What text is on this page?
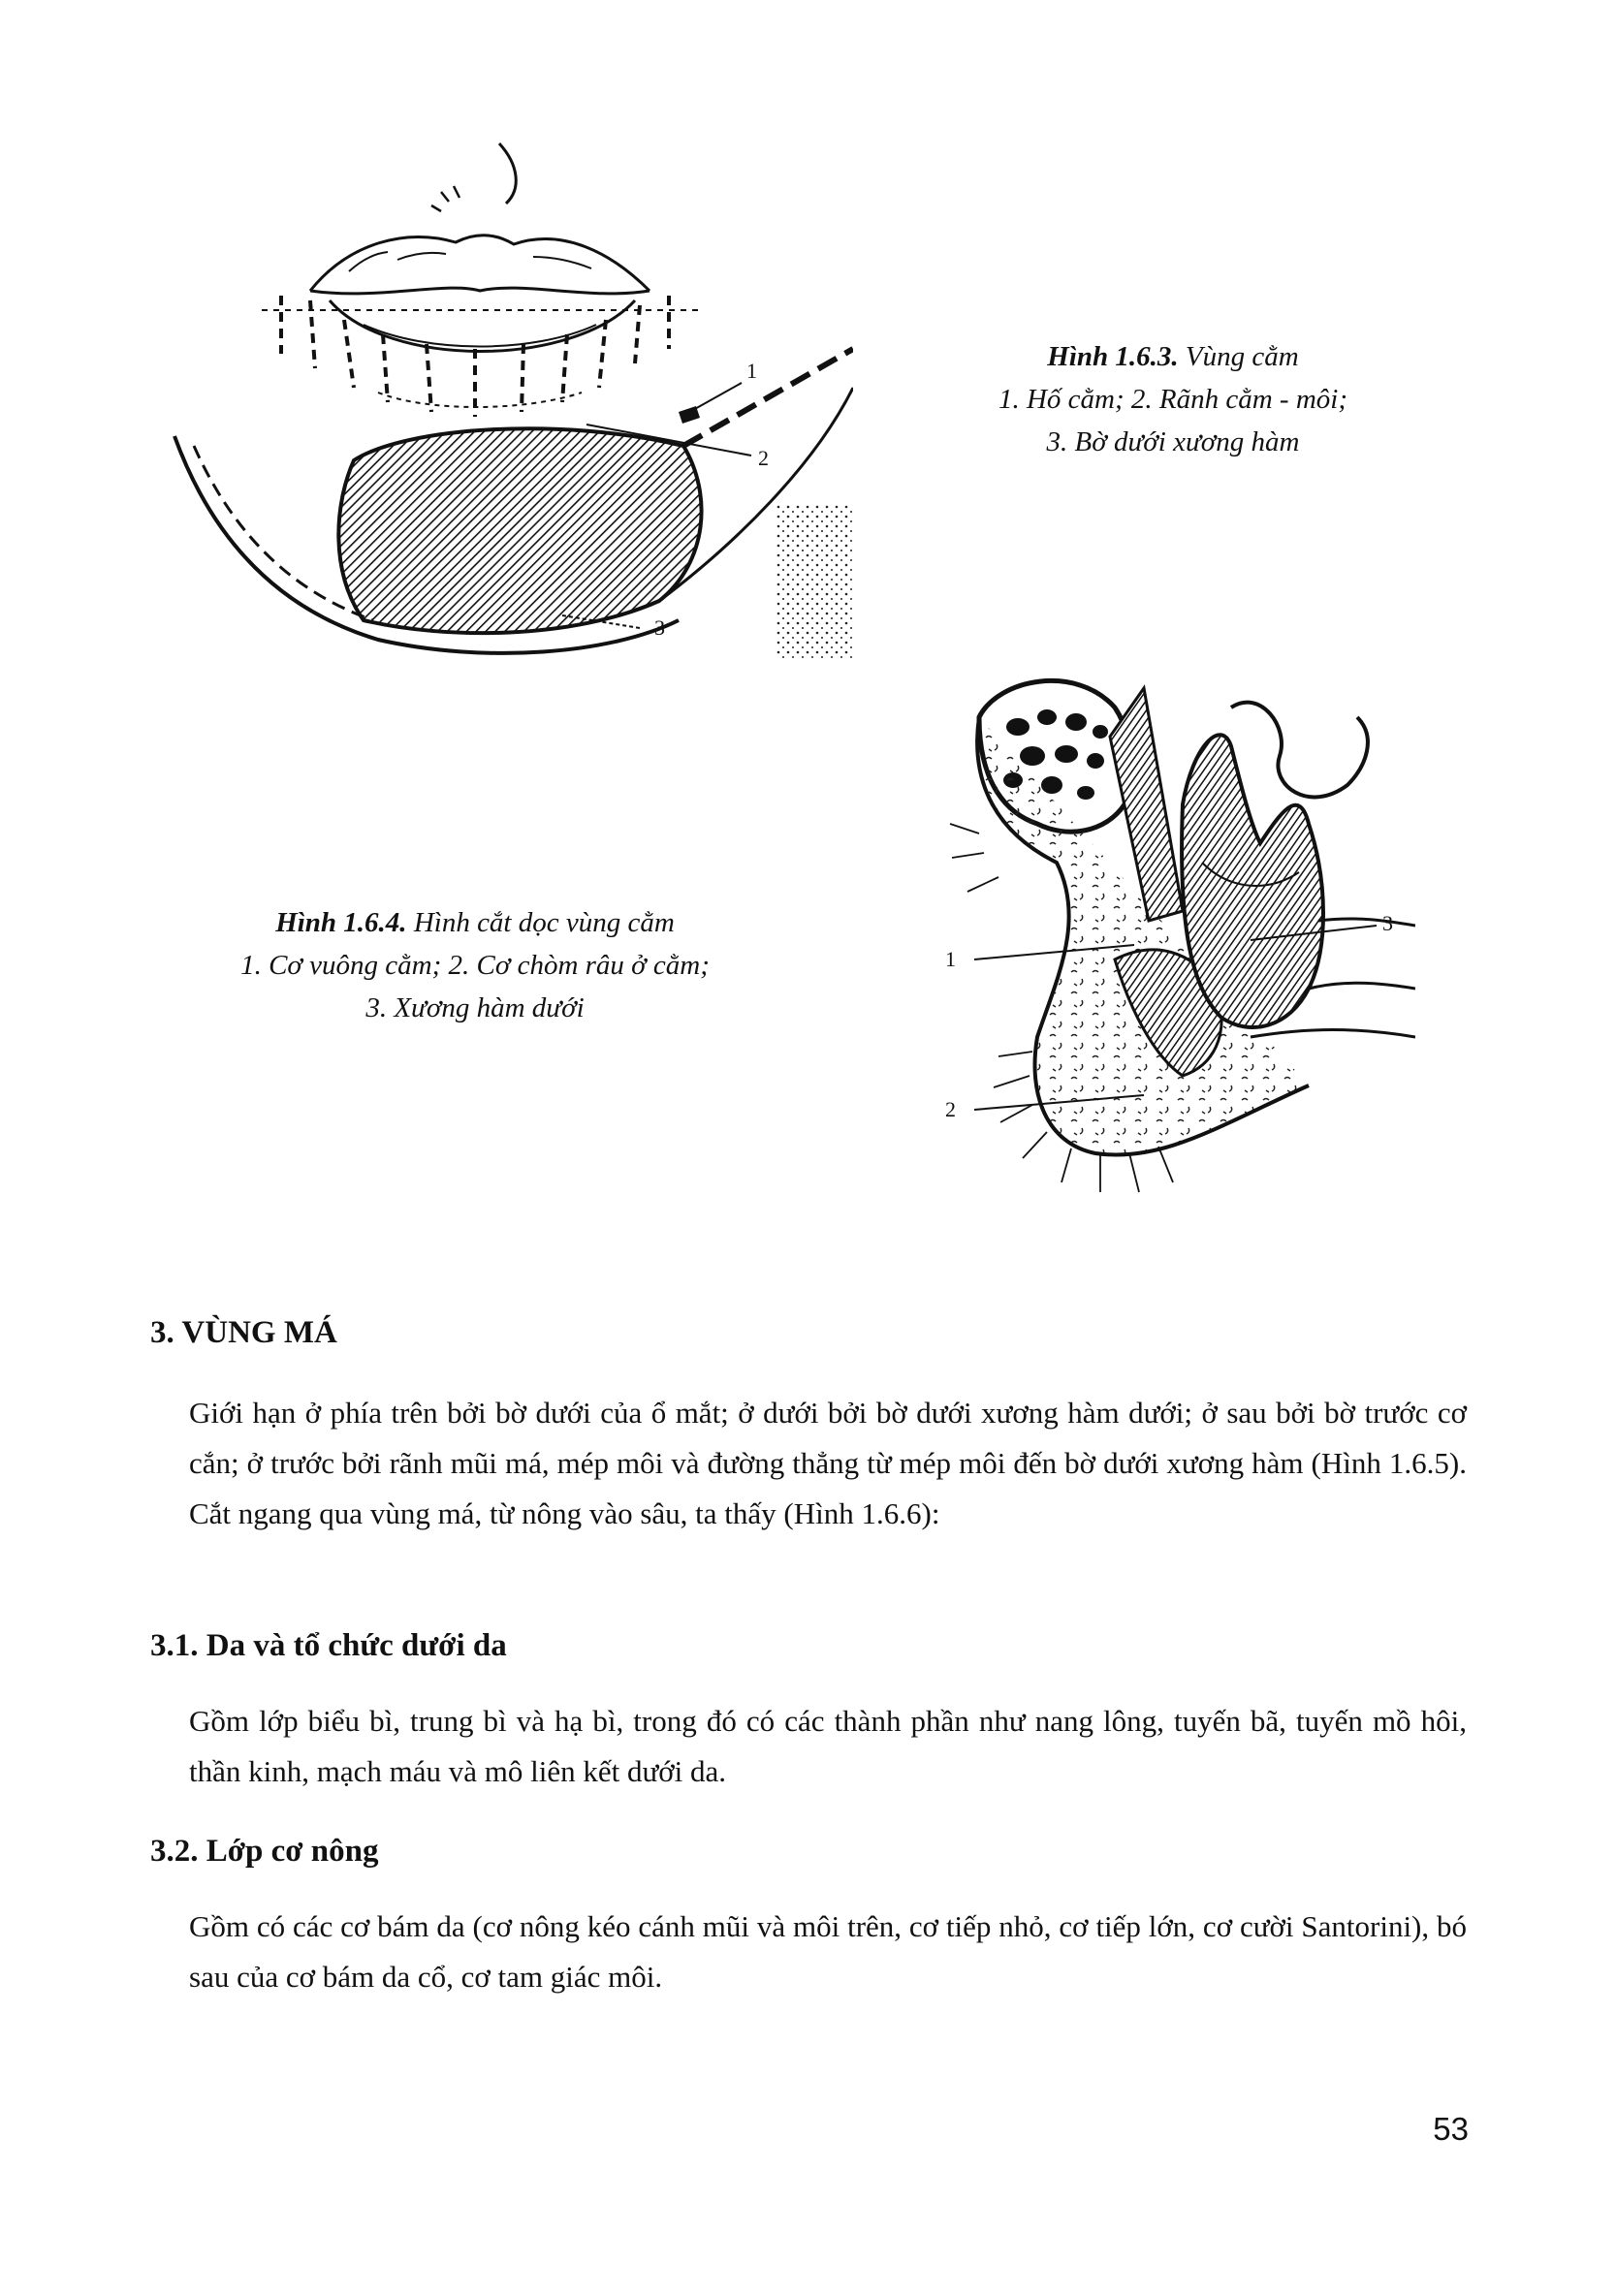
1
2
3
Hình 1.6.3. Vùng cằm
1. Hố cằm; 2. Rãnh cằm - môi;
3. Bờ dưới xương hàm
1
2
3
Hình 1.6.4. Hình cắt dọc vùng cằm
1. Cơ vuông cằm; 2. Cơ chòm râu ở cằm;
3. Xương hàm dưới
3. VÙNG MÁ

Giới hạn ở phía trên bởi bờ dưới của ổ mắt; ở dưới bởi bờ dưới xương hàm dưới; ở sau bởi bờ trước cơ cắn; ở trước bởi rãnh mũi má, mép môi và đường thẳng từ mép môi đến bờ dưới xương hàm (Hình 1.6.5). Cắt ngang qua vùng má, từ nông vào sâu, ta thấy (Hình 1.6.6):

3.1. Da và tổ chức dưới da

Gồm lớp biểu bì, trung bì và hạ bì, trong đó có các thành phần như nang lông, tuyến bã, tuyến mồ hôi, thần kinh, mạch máu và mô liên kết dưới da.

3.2. Lớp cơ nông

Gồm có các cơ bám da (cơ nông kéo cánh mũi và môi trên, cơ tiếp nhỏ, cơ tiếp lớn, cơ cười Santorini), bó sau của cơ bám da cổ, cơ tam giác môi.

53
